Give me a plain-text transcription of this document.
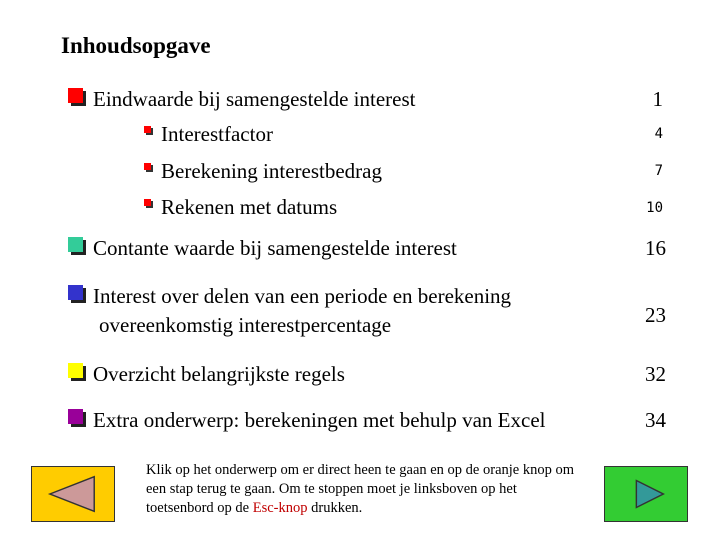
Inhoudsopgave
Eindwaarde bij samengestelde interest	1
Interestfactor	4
Berekening interestbedrag	7
Rekenen met datums	10
Contante waarde bij samengestelde interest	16
Interest over delen van een periode en berekening
overeenkomstig interestpercentage	23
Overzicht belangrijkste regels	32
Extra onderwerp: berekeningen met behulp van Excel	34
Klik op het onderwerp om er direct heen te gaan en op de oranje knop om een stap terug te gaan. Om te stoppen moet je linksboven op het toetsenbord op de Esc-knop drukken.
